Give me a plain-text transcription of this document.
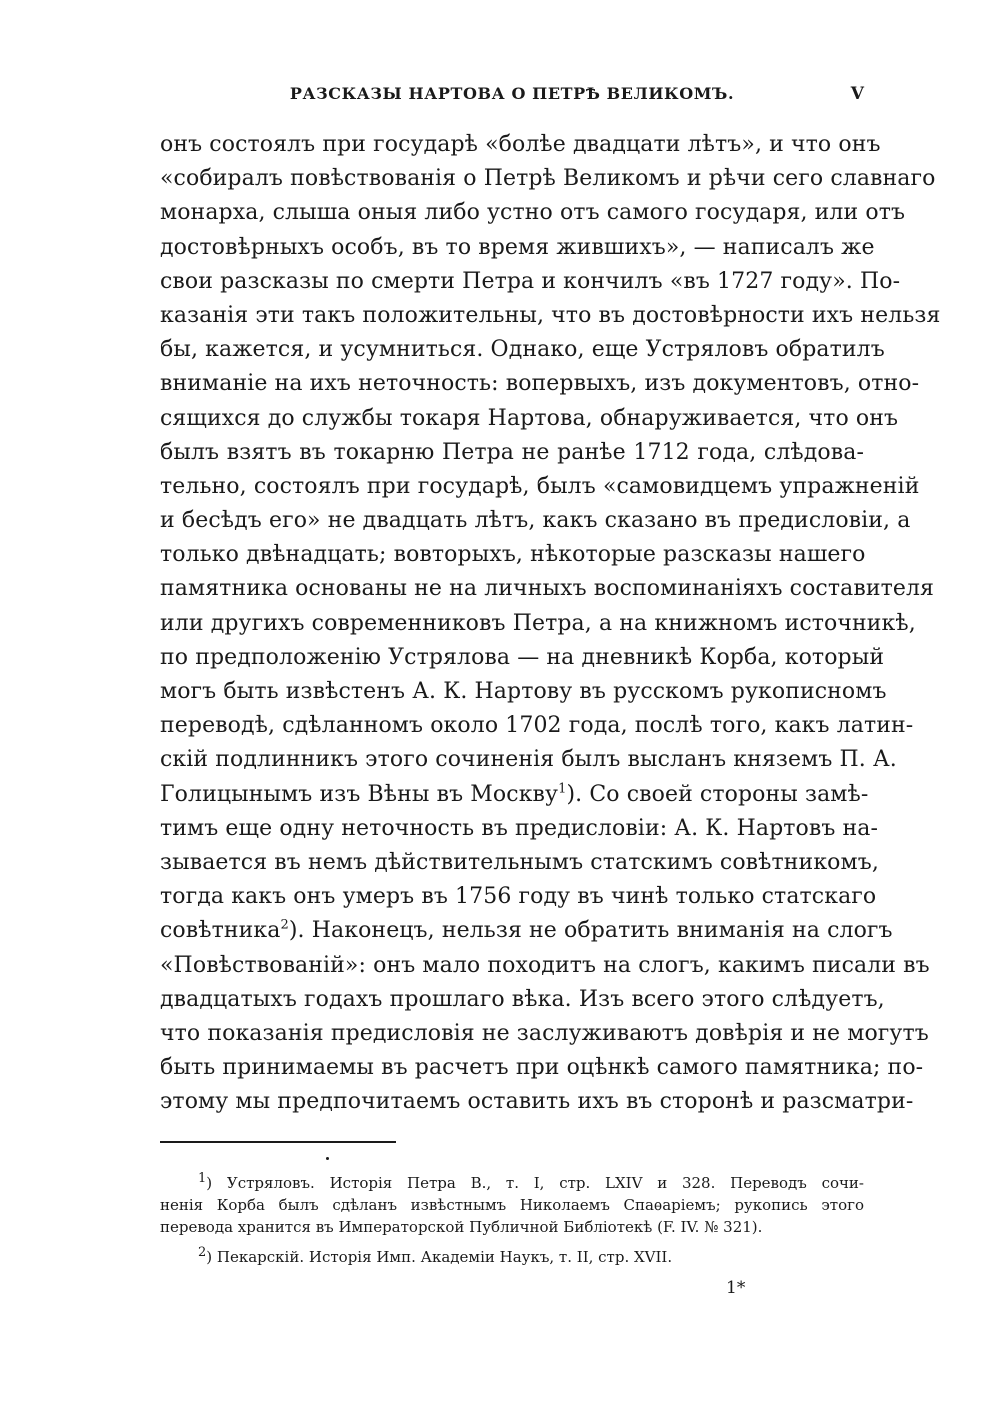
РАЗСКАЗЫ НАРТОВА О ПЕТРѢ ВЕЛИКОМЪ.	V
онъ состоялъ при государѣ «болѣе двадцати лѣтъ», и что онъ
«собиралъ повѣствованія о Петрѣ Великомъ и рѣчи сего славнаго
монарха, слыша оныя либо устно отъ самого государя, или отъ
достовѣрныхъ особъ, въ то время жившихъ», — написалъ же
свои разсказы по смерти Петра и кончилъ «въ 1727 году». По-
казанія эти такъ положительны, что въ достовѣрности ихъ нельзя
бы, кажется, и усумниться. Однако, еще Устряловъ обратилъ
вниманіе на ихъ неточность: вопервыхъ, изъ документовъ, отно-
сящихся до службы токаря Нартова, обнаруживается, что онъ
былъ взятъ въ токарню Петра не ранѣе 1712 года, слѣдова-
тельно, состоялъ при государѣ, былъ «самовидцемъ упражненій
и бесѣдъ его» не двадцать лѣтъ, какъ сказано въ предисловіи, а
только двѣнадцать; вовторыхъ, нѣкоторые разсказы нашего
памятника основаны не на личныхъ воспоминаніяхъ составителя
или другихъ современниковъ Петра, а на книжномъ источникѣ,
по предположенію Устрялова — на дневникѣ Корба, который
могъ быть извѣстенъ А. К. Нартову въ русскомъ рукописномъ
переводѣ, сдѣланномъ около 1702 года, послѣ того, какъ латин-
скій подлинникъ этого сочиненія былъ высланъ княземъ П. А.
Голицынымъ изъ Вѣны въ Москву$^1$). Со своей стороны замѣ-
тимъ еще одну неточность въ предисловіи: А. К. Нартовъ на-
зывается въ немъ дѣйствительнымъ статскимъ совѣтникомъ,
тогда какъ онъ умеръ въ 1756 году въ чинѣ только статскаго
совѣтника$^2$). Наконецъ, нельзя не обратить вниманія на слогъ
«Повѣствованій»: онъ мало походитъ на слогъ, какимъ писали въ
двадцатыхъ годахъ прошлаго вѣка. Изъ всего этого слѣдуетъ,
что показанія предисловія не заслуживаютъ довѣрія и не могутъ
быть принимаемы въ расчетъ при оцѣнкѣ самого памятника; по-
этому мы предпочитаемъ оставить ихъ въ сторонѣ и разсматри-
$^1$) Устряловъ. Исторія Петра В., т. I, стр. LXIV и 328. Переводъ сочи-
ненія Корба былъ сдѣланъ извѣстнымъ Николаемъ Спаѳаріемъ; рукопись этого
перевода хранится въ Императорской Публичной Библіотекѣ (F. IV. № 321).
$^2$) Пекарскій. Исторія Имп. Академіи Наукъ, т. II, стр. XVII.
1*
